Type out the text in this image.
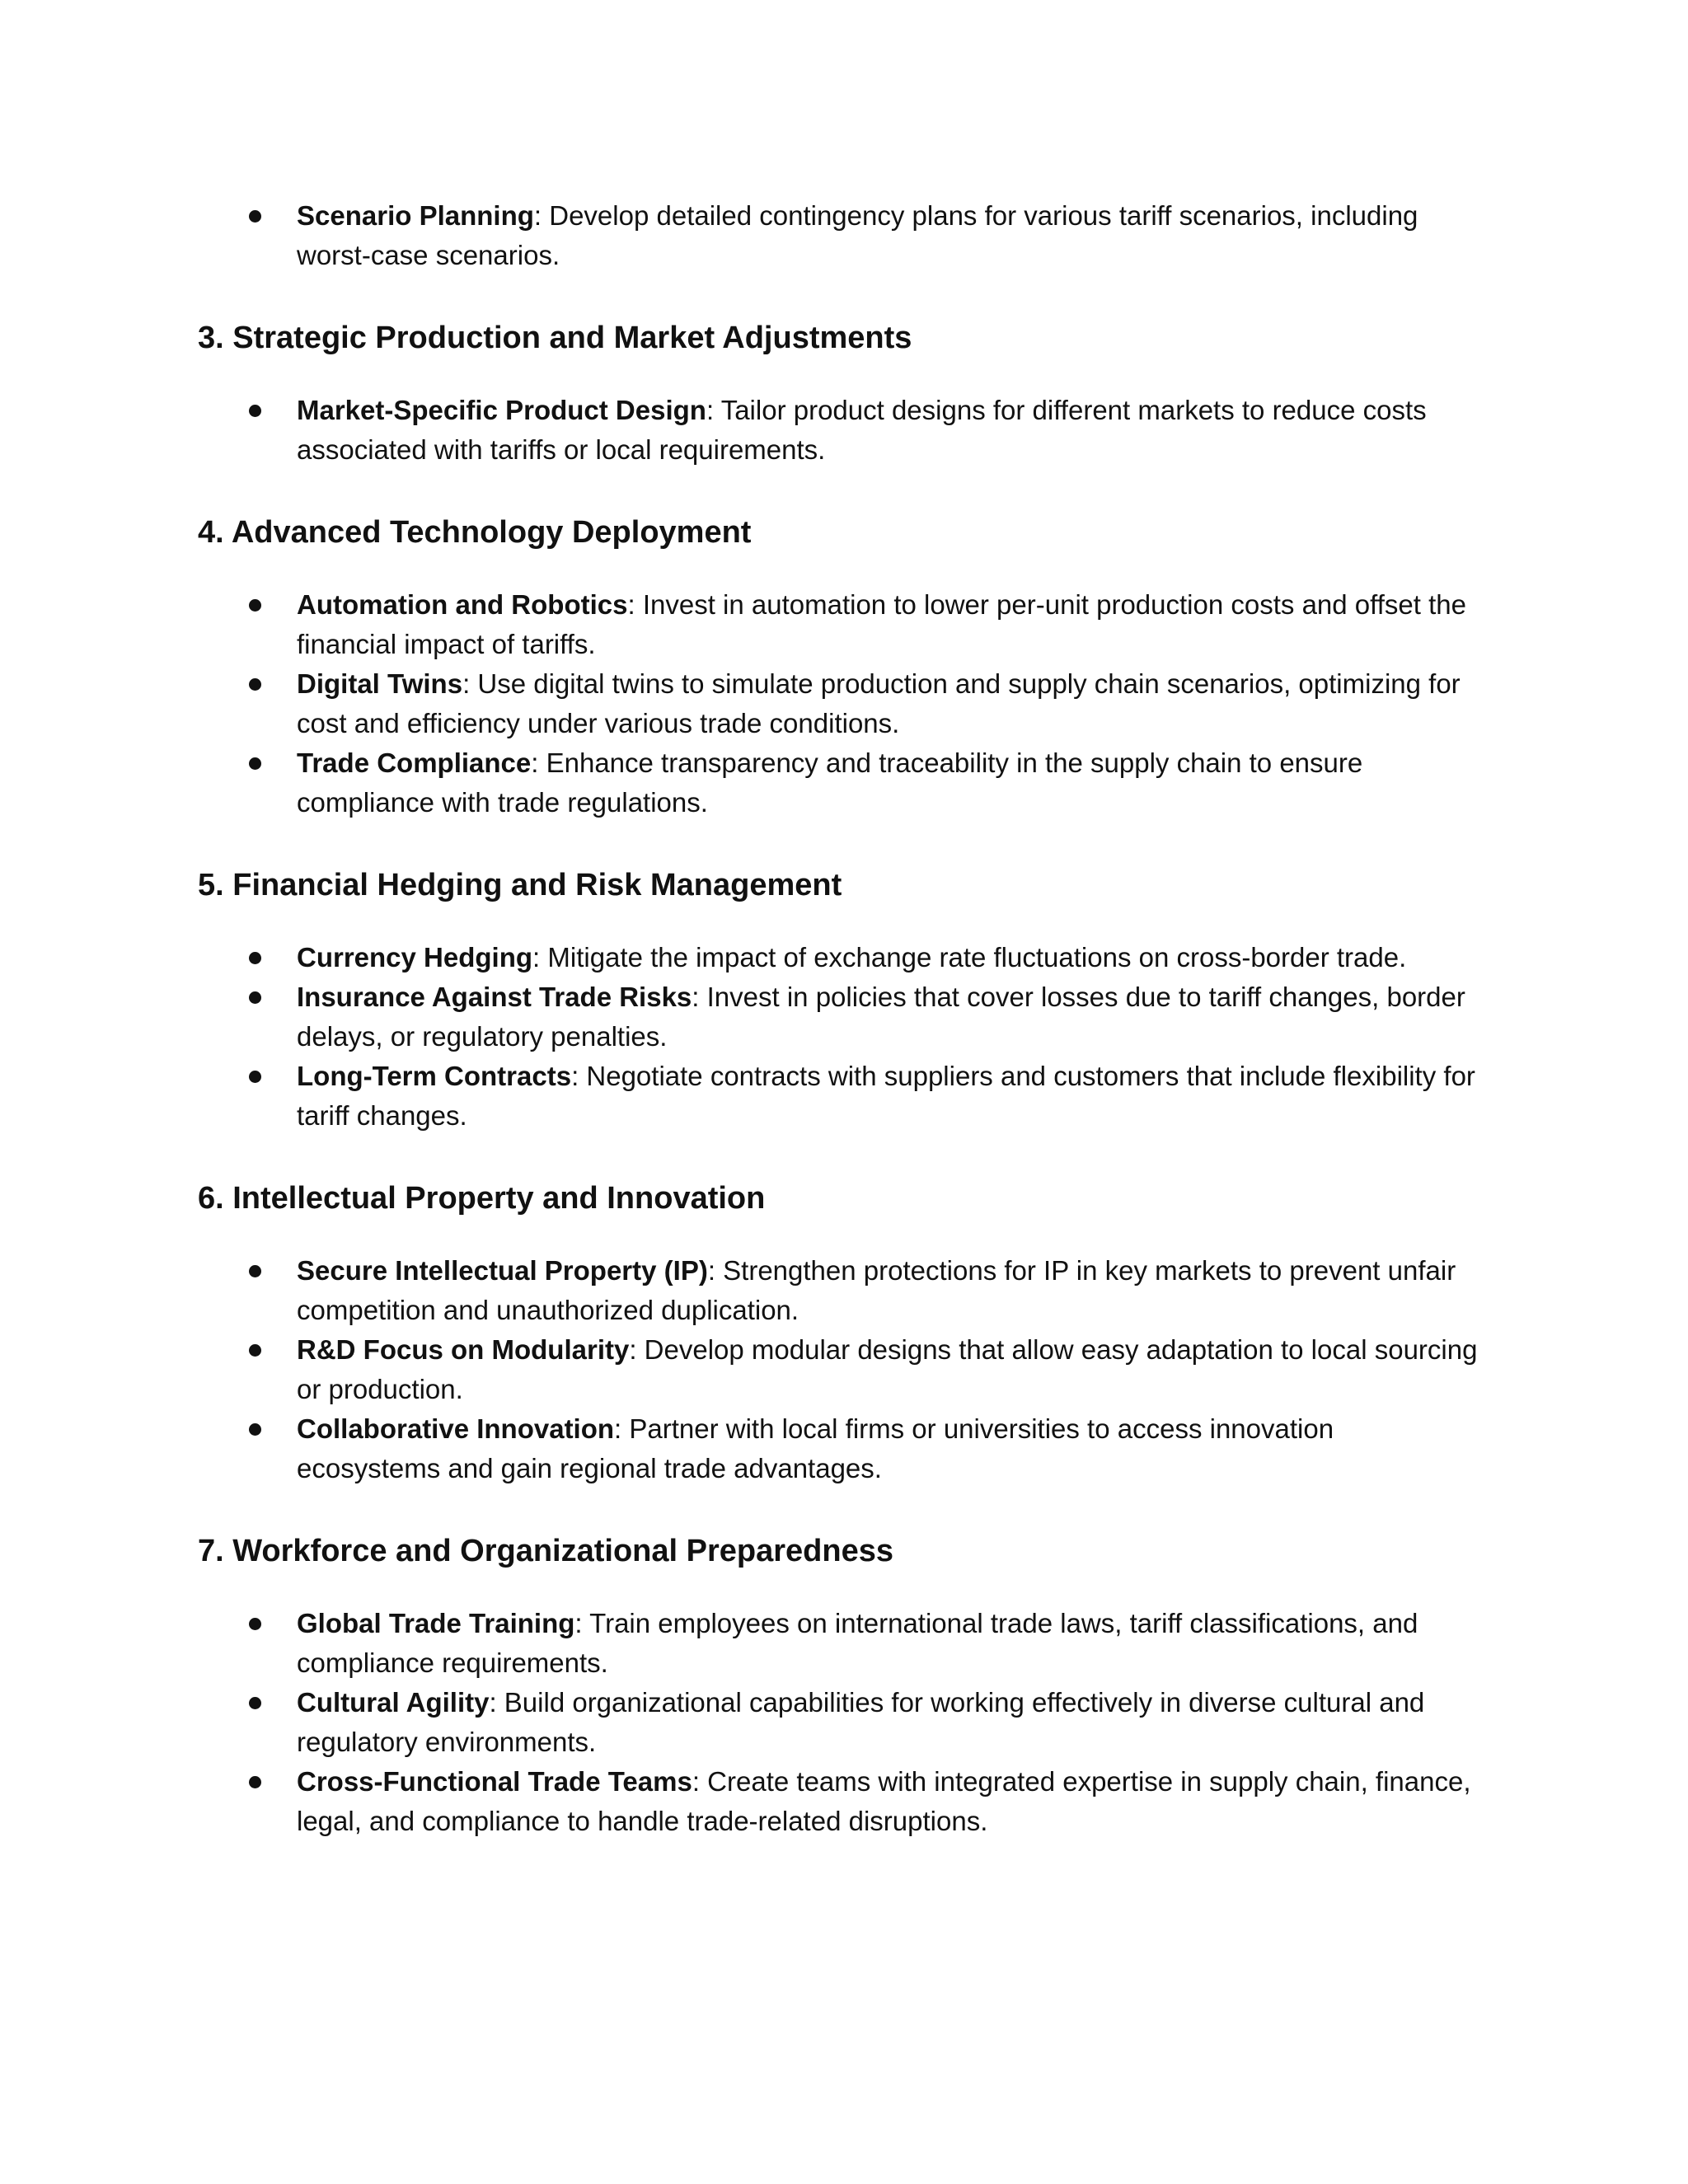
Scenario Planning: Develop detailed contingency plans for various tariff scenarios, including worst-case scenarios.
3. Strategic Production and Market Adjustments
Market-Specific Product Design: Tailor product designs for different markets to reduce costs associated with tariffs or local requirements.
4. Advanced Technology Deployment
Automation and Robotics: Invest in automation to lower per-unit production costs and offset the financial impact of tariffs.
Digital Twins: Use digital twins to simulate production and supply chain scenarios, optimizing for cost and efficiency under various trade conditions.
Trade Compliance: Enhance transparency and traceability in the supply chain to ensure compliance with trade regulations.
5. Financial Hedging and Risk Management
Currency Hedging: Mitigate the impact of exchange rate fluctuations on cross-border trade.
Insurance Against Trade Risks: Invest in policies that cover losses due to tariff changes, border delays, or regulatory penalties.
Long-Term Contracts: Negotiate contracts with suppliers and customers that include flexibility for tariff changes.
6. Intellectual Property and Innovation
Secure Intellectual Property (IP): Strengthen protections for IP in key markets to prevent unfair competition and unauthorized duplication.
R&D Focus on Modularity: Develop modular designs that allow easy adaptation to local sourcing or production.
Collaborative Innovation: Partner with local firms or universities to access innovation ecosystems and gain regional trade advantages.
7. Workforce and Organizational Preparedness
Global Trade Training: Train employees on international trade laws, tariff classifications, and compliance requirements.
Cultural Agility: Build organizational capabilities for working effectively in diverse cultural and regulatory environments.
Cross-Functional Trade Teams: Create teams with integrated expertise in supply chain, finance, legal, and compliance to handle trade-related disruptions.
